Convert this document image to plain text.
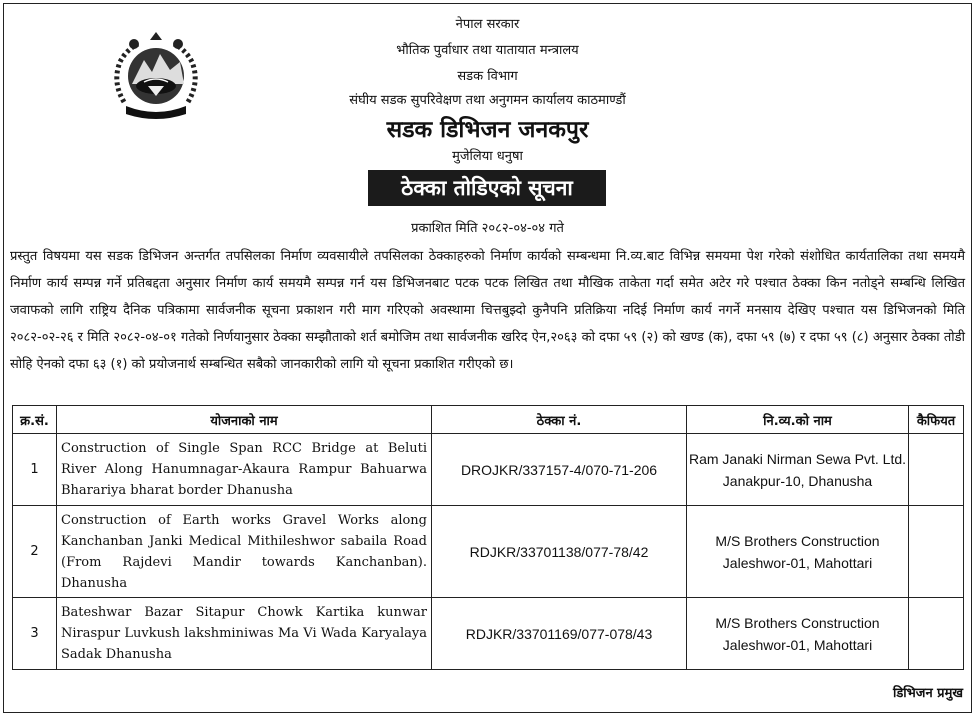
नेपाल सरकार
भौतिक पुर्वाधार तथा यातायात मन्त्रालय
सडक विभाग
संघीय सडक सुपरिवेक्षण तथा अनुगमन कार्यालय काठमाण्डौं
सडक डिभिजन जनकपुर
मुजेलिया धनुषा
ठेक्का तोडिएको सूचना
प्रकाशित मिति २०८२-०४-०४ गते

प्रस्तुत विषयमा यस सडक डिभिजन अन्तर्गत तपसिलका निर्माण व्यवसायीले तपसिलका ठेक्काहरुको निर्माण कार्यको सम्बन्धमा नि.व्य.बाट विभिन्न समयमा पेश गरेको संशोधित कार्यतालिका तथा समयमै निर्माण कार्य सम्पन्न गर्ने प्रतिबद्दता अनुसार निर्माण कार्य समयमै सम्पन्न गर्न यस डिभिजनबाट पटक पटक लिखित तथा मौखिक ताकेता गर्दा समेत अटेर गरे पश्चात ठेक्का किन नतोड्ने सम्बन्धि लिखित जवाफको लागि राष्ट्रिय दैनिक पत्रिकामा सार्वजनीक सूचना प्रकाशन गरी माग गरिएको अवस्थामा चित्तबुझ्दो कुनैपनि प्रतिक्रिया नदिई निर्माण कार्य नगर्ने मनसाय देखिए पश्चात यस डिभिजनको मिति २०८२-०२-२६ र मिति २०८२-०४-०१ गतेको निर्णयानुसार ठेक्का सम्झौताको शर्त बमोजिम तथा सार्वजनीक खरिद ऐन,२०६३ को दफा ५९ (२) को खण्ड (क), दफा ५९ (७) र दफा ५९ (८) अनुसार ठेक्का तोडी सोहि ऐनको दफा ६३ (१) को प्रयोजनार्थ सम्बन्धित सबैको जानकारीको लागि यो सूचना प्रकाशित गरीएको छ।

क्र.सं.	योजनाको नाम	ठेक्का नं.	नि.व्य.को नाम	कैफियत
1	Construction of Single Span RCC Bridge at Beluti River Along Hanumnagar-Akaura Rampur Bahuarwa Bharariya bharat border Dhanusha	DROJKR/337157-4/070-71-206	Ram Janaki Nirman Sewa Pvt. Ltd.
Janakpur-10, Dhanusha	

2	Construction of Earth works Gravel Works along Kanchanban Janki Medical Mithileshwor sabaila Road (From Rajdevi Mandir towards Kanchanban). Dhanusha	RDJKR/33701138/077-78/42	M/S Brothers Construction
Jaleshwor-01, Mahottari	

3	Bateshwar Bazar Sitapur Chowk Kartika kunwar Niraspur Luvkush lakshminiwas Ma Vi Wada Karyalaya Sadak Dhanusha	RDJKR/33701169/077-078/43	M/S Brothers Construction
Jaleshwor-01, Mahottari	

डिभिजन प्रमुख
